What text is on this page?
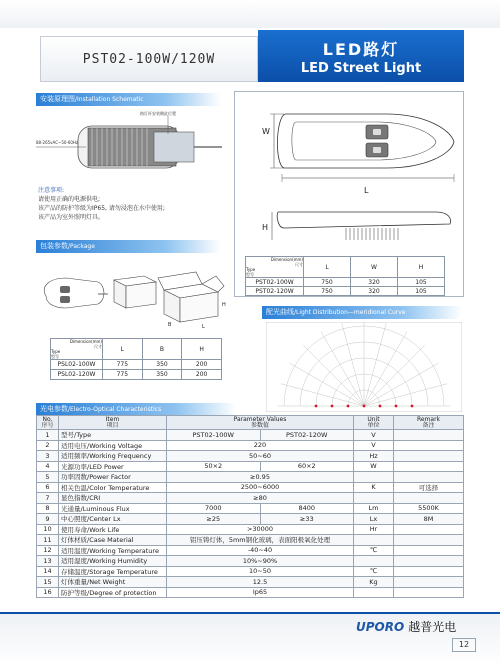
PST02-100W/120W	LED路灯
LED Street Light
安装原理图/Installation Schematic
路灯杆安装侧此位置
88-265vAC~50-60Hz
注意事项:
请使用正确的电源供电;
该产品的防护等级为IP65, 请勿浸泡在水中使用;
该产品为室外照明灯具。
W
L
H
Dimension(mm)
尺寸
Type
型号	L	W	H
PST02-100W	750	320	105
PST02-120W	750	320	105
包装参数/Package
H
B	L
Dimension(mm)
尺寸
Type
型号	L	B	H
PSL02-100W	775	350	200
PSL02-120W	775	350	200
配光曲线/Light Distribution—meridional Curve
光电参数/Electro-Optical Characteristics
No.
序号	Item
项目	Parameter Values
参数值		Unit
单位	Remark
备注
1	型号/Type	PST02-100W	PST02-120W	V	
2	适用电压/Working Voltage	220		V	
3	适用频率/Working Frequency	50~60		Hz	
4	光源功率/LED Power	50×2	60×2	W	
5	功率因数/Power Factor	≥0.95			
6	相关色温/Color Temperature	2500~6000		K	可选择
7	显色指数/CRI	≥80			
8	光通量/Luminous Flux	7000	8400	Lm	5500K
9	中心照度/Center Lx	≥25	≥33	Lx	8M
10	使用寿命/Work Life	>30000		Hr	
11	灯体材质/Case Material	铝压铸灯体，5mm钢化玻璃，表面阳极氧化处理			
12	适用温度/Working Temperature	-40~40		℃	
13	适用湿度/Working Humidity	10%~90%			
14	存储温度/Storage Temperature	10~50		℃	
15	灯体重量/Net Weight	12.5		Kg	
16	防护等级/Degree of protection	Ip65			
UPORO 越普光电
12
